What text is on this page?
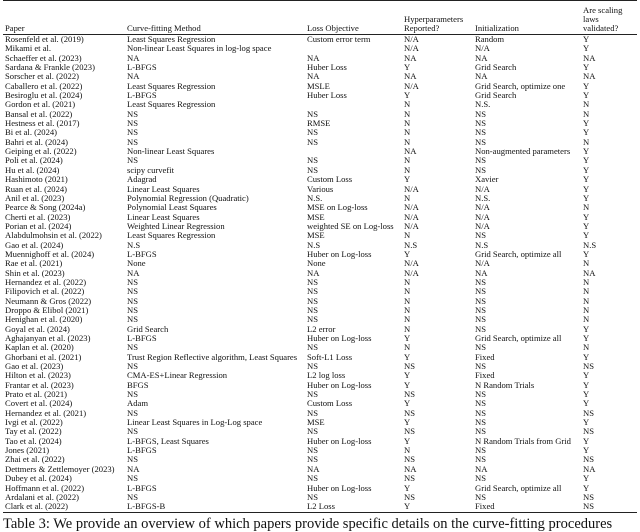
Paper	Curve-fitting Method	Loss Objective	Hyperparameters Reported?	Initialization	Are scaling laws validated?
Rosenfeld et al. (2019)	Least Squares Regression	Custom error term	N/A	Random	Y
Mikami et al.	Non-linear Least Squares in log-log space		N/A	N/A	Y
Schaeffer et al. (2023)	NA	NA	NA	NA	NA
Sardana & Frankle (2023)	L-BFGS	Huber Loss	Y	Grid Search	Y
Sorscher et al. (2022)	NA	NA	NA	NA	NA
Caballero et al. (2022)	Least Squares Regression	MSLE	N/A	Grid Search, optimize one	Y
Besiroglu et al. (2024)	L-BFGS	Huber Loss	Y	Grid Search	Y
Gordon et al. (2021)	Least Squares Regression		N	N.S.	N
Bansal et al. (2022)	NS	NS	N	NS	N
Hestness et al. (2017)	NS	RMSE	N	NS	Y
Bi et al. (2024)	NS	NS	N	NS	Y
Bahri et al. (2024)	NS	NS	N	NS	N
Geiping et al. (2022)	Non-linear Least Squares		NA	Non-augmented parameters	Y
Poli et al. (2024)	NS	NS	N	NS	Y
Hu et al. (2024)	scipy curvefit	NS	N	NS	Y
Hashimoto (2021)	Adagrad	Custom Loss	Y	Xavier	Y
Ruan et al. (2024)	Linear Least Squares	Various	N/A	N/A	Y
Anil et al. (2023)	Polynomial Regression (Quadratic)	N.S.	N	N.S.	Y
Pearce & Song (2024a)	Polynomial Least Squares	MSE on Log-loss	N/A	N/A	N
Cherti et al. (2023)	Linear Least Squares	MSE	N/A	N/A	Y
Porian et al. (2024)	Weighted Linear Regression	weighted SE on Log-loss	N/A	N/A	Y
Alabdulmohsin et al. (2022)	Least Squares Regression	MSE	N	NS	Y
Gao et al. (2024)	N.S	N.S	N.S	N.S	N.S
Muennighoff et al. (2024)	L-BFGS	Huber on Log-loss	Y	Grid Search, optimize all	Y
Rae et al. (2021)	None	None	N/A	N/A	N
Shin et al. (2023)	NA	NA	N/A	NA	NA
Hernandez et al. (2022)	NS	NS	N	NS	N
Filipovich et al. (2022)	NS	NS	N	NS	N
Neumann & Gros (2022)	NS	NS	N	NS	N
Droppo & Elibol (2021)	NS	NS	N	NS	N
Henighan et al. (2020)	NS	NS	N	NS	N
Goyal et al. (2024)	Grid Search	L2 error	N	NS	Y
Aghajanyan et al. (2023)	L-BFGS	Huber on Log-loss	Y	Grid Search, optimize all	Y
Kaplan et al. (2020)	NS	NS	N	NS	N
Ghorbani et al. (2021)	Trust Region Reflective algorithm, Least Squares	Soft-L1 Loss	Y	Fixed	Y
Gao et al. (2023)	NS	NS	NS	NS	NS
Hilton et al. (2023)	CMA-ES+Linear Regression	L2 log loss	Y	Fixed	Y
Frantar et al. (2023)	BFGS	Huber on Log-loss	Y	N Random Trials	Y
Prato et al. (2021)	NS	NS	NS	NS	Y
Covert et al. (2024)	Adam	Custom Loss	Y	NS	Y
Hernandez et al. (2021)	NS	NS	NS	NS	NS
Ivgi et al. (2022)	Linear Least Squares in Log-Log space	MSE	Y	NS	Y
Tay et al. (2022)	NS	NS	NS	NS	NS
Tao et al. (2024)	L-BFGS, Least Squares	Huber on Log-loss	Y	N Random Trials from Grid	Y
Jones (2021)	L-BFGS	NS	N	NS	Y
Zhai et al. (2022)	NS	NS	NS	NS	NS
Dettmers & Zettlemoyer (2023)	NA	NA	NA	NA	NA
Dubey et al. (2024)	NS	NS	NS	NS	Y
Hoffmann et al. (2022)	L-BFGS	Huber on Log-loss	Y	Grid Search, optimize all	Y
Ardalani et al. (2022)	NS	NS	NS	NS	NS
Clark et al. (2022)	L-BFGS-B	L2 Loss	Y	Fixed	NS
Table 3: We provide an overview of which papers provide specific details on the curve-fitting procedures
